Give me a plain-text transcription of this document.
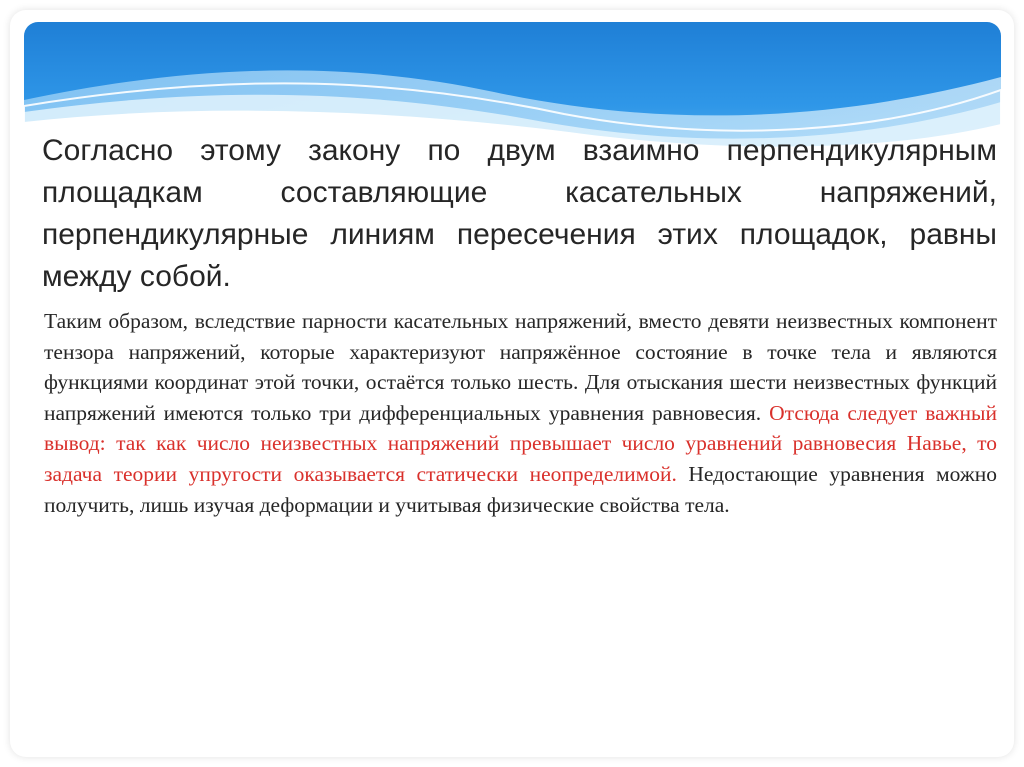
Согласно этому закону по двум взаимно перпендикулярным площадкам составляющие касательных напряжений, перпендикулярные линиям пересечения этих площадок, равны между собой.

Таким образом, вследствие парности касательных напряжений, вместо девяти неизвестных компонент тензора напряжений, которые характеризуют напряжённое состояние в точке тела и являются функциями координат этой точки, остаётся только шесть. Для отыскания шести неизвестных функций напряжений имеются только три дифференциальных уравнения равновесия. Отсюда следует важный вывод: так как число неизвестных напряжений превышает число уравнений равновесия Навье, то задача теории упругости оказывается статически неопределимой. Недостающие уравнения можно получить, лишь изучая деформации и учитывая физические свойства тела.
